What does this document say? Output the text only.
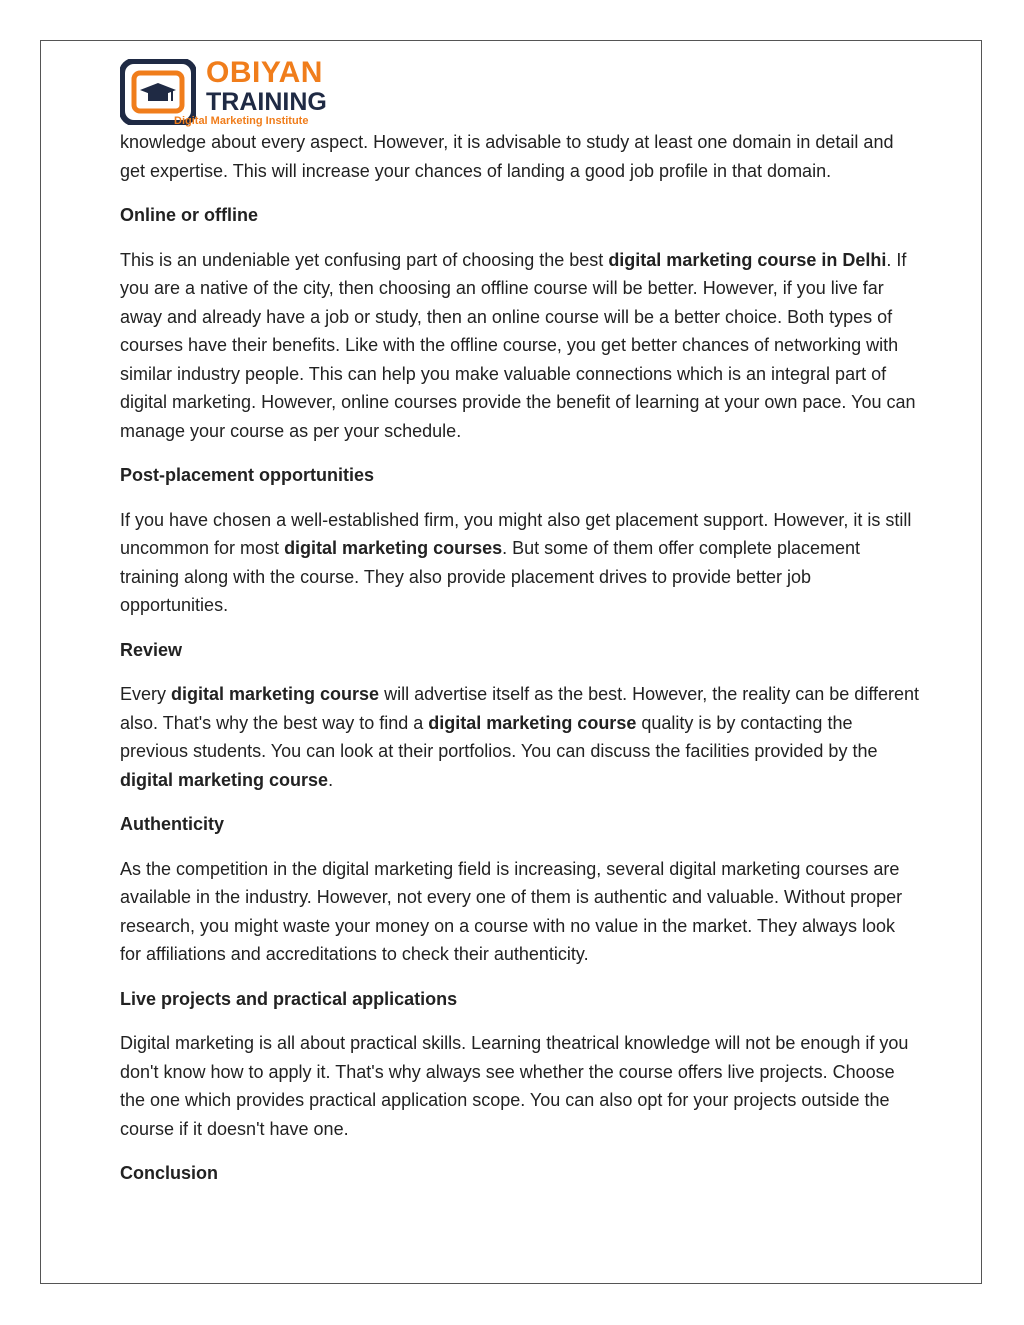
OBIYAN
TRAINING
Digital Marketing Institute

knowledge about every aspect. However, it is advisable to study at least one domain in detail and get expertise. This will increase your chances of landing a good job profile in that domain.

Online or offline

This is an undeniable yet confusing part of choosing the best digital marketing course in Delhi. If you are a native of the city, then choosing an offline course will be better. However, if you live far away and already have a job or study, then an online course will be a better choice. Both types of courses have their benefits. Like with the offline course, you get better chances of networking with similar industry people. This can help you make valuable connections which is an integral part of digital marketing. However, online courses provide the benefit of learning at your own pace. You can manage your course as per your schedule.

Post-placement opportunities

If you have chosen a well-established firm, you might also get placement support. However, it is still uncommon for most digital marketing courses. But some of them offer complete placement training along with the course. They also provide placement drives to provide better job opportunities.

Review

Every digital marketing course will advertise itself as the best. However, the reality can be different also. That's why the best way to find a digital marketing course quality is by contacting the previous students. You can look at their portfolios. You can discuss the facilities provided by the digital marketing course.

Authenticity

As the competition in the digital marketing field is increasing, several digital marketing courses are available in the industry. However, not every one of them is authentic and valuable. Without proper research, you might waste your money on a course with no value in the market. They always look for affiliations and accreditations to check their authenticity.

Live projects and practical applications

Digital marketing is all about practical skills. Learning theatrical knowledge will not be enough if you don't know how to apply it. That's why always see whether the course offers live projects. Choose the one which provides practical application scope. You can also opt for your projects outside the course if it doesn't have one.

Conclusion
